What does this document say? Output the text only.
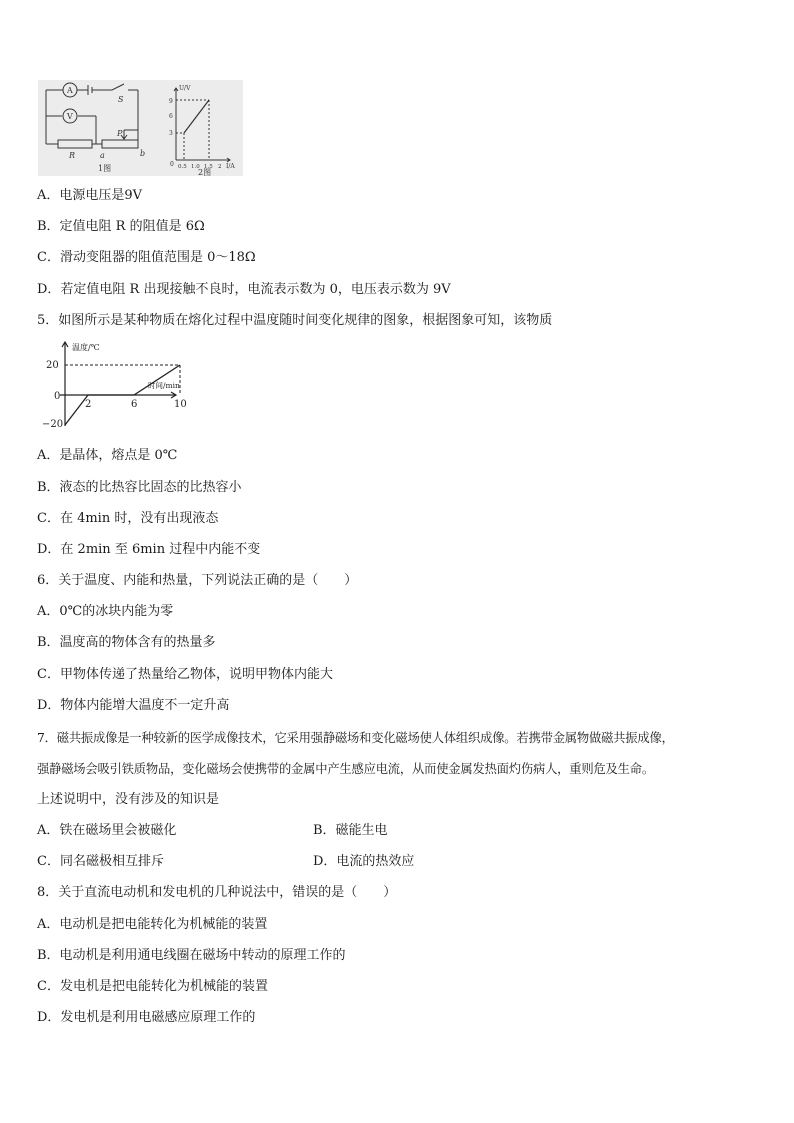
A
V
S
R
P
a	b
1图
U/V
9
6
3
0 0.5 1.0 1.5 2 I/A
2图
A．电源电压是9V
B．定值电阻 R 的阻值是 6Ω
C．滑动变阻器的阻值范围是 0～18Ω
D．若定值电阻 R 出现接触不良时，电流表示数为 0，电压表示数为 9V
5．如图所示是某种物质在熔化过程中温度随时间变化规律的图象，根据图象可知，该物质
温度/℃
时间/min
20
0
−20
2	6	10
A．是晶体，熔点是 0℃
B．液态的比热容比固态的比热容小
C．在 4min 时，没有出现液态
D．在 2min 至 6min 过程中内能不变
6．关于温度、内能和热量，下列说法正确的是（　　）
A．0℃的冰块内能为零
B．温度高的物体含有的热量多
C．甲物体传递了热量给乙物体，说明甲物体内能大
D．物体内能增大温度不一定升高
7．磁共振成像是一种较新的医学成像技术，它采用强静磁场和变化磁场使人体组织成像。若携带金属物做磁共振成像，
强静磁场会吸引铁质物品，变化磁场会使携带的金属中产生感应电流，从而使金属发热面灼伤病人，重则危及生命。
上述说明中，没有涉及的知识是
A．铁在磁场里会被磁化	B．磁能生电
C．同名磁极相互排斥	D．电流的热效应
8．关于直流电动机和发电机的几种说法中，错误的是（　　）
A．电动机是把电能转化为机械能的装置
B．电动机是利用通电线圈在磁场中转动的原理工作的
C．发电机是把电能转化为机械能的装置
D．发电机是利用电磁感应原理工作的
